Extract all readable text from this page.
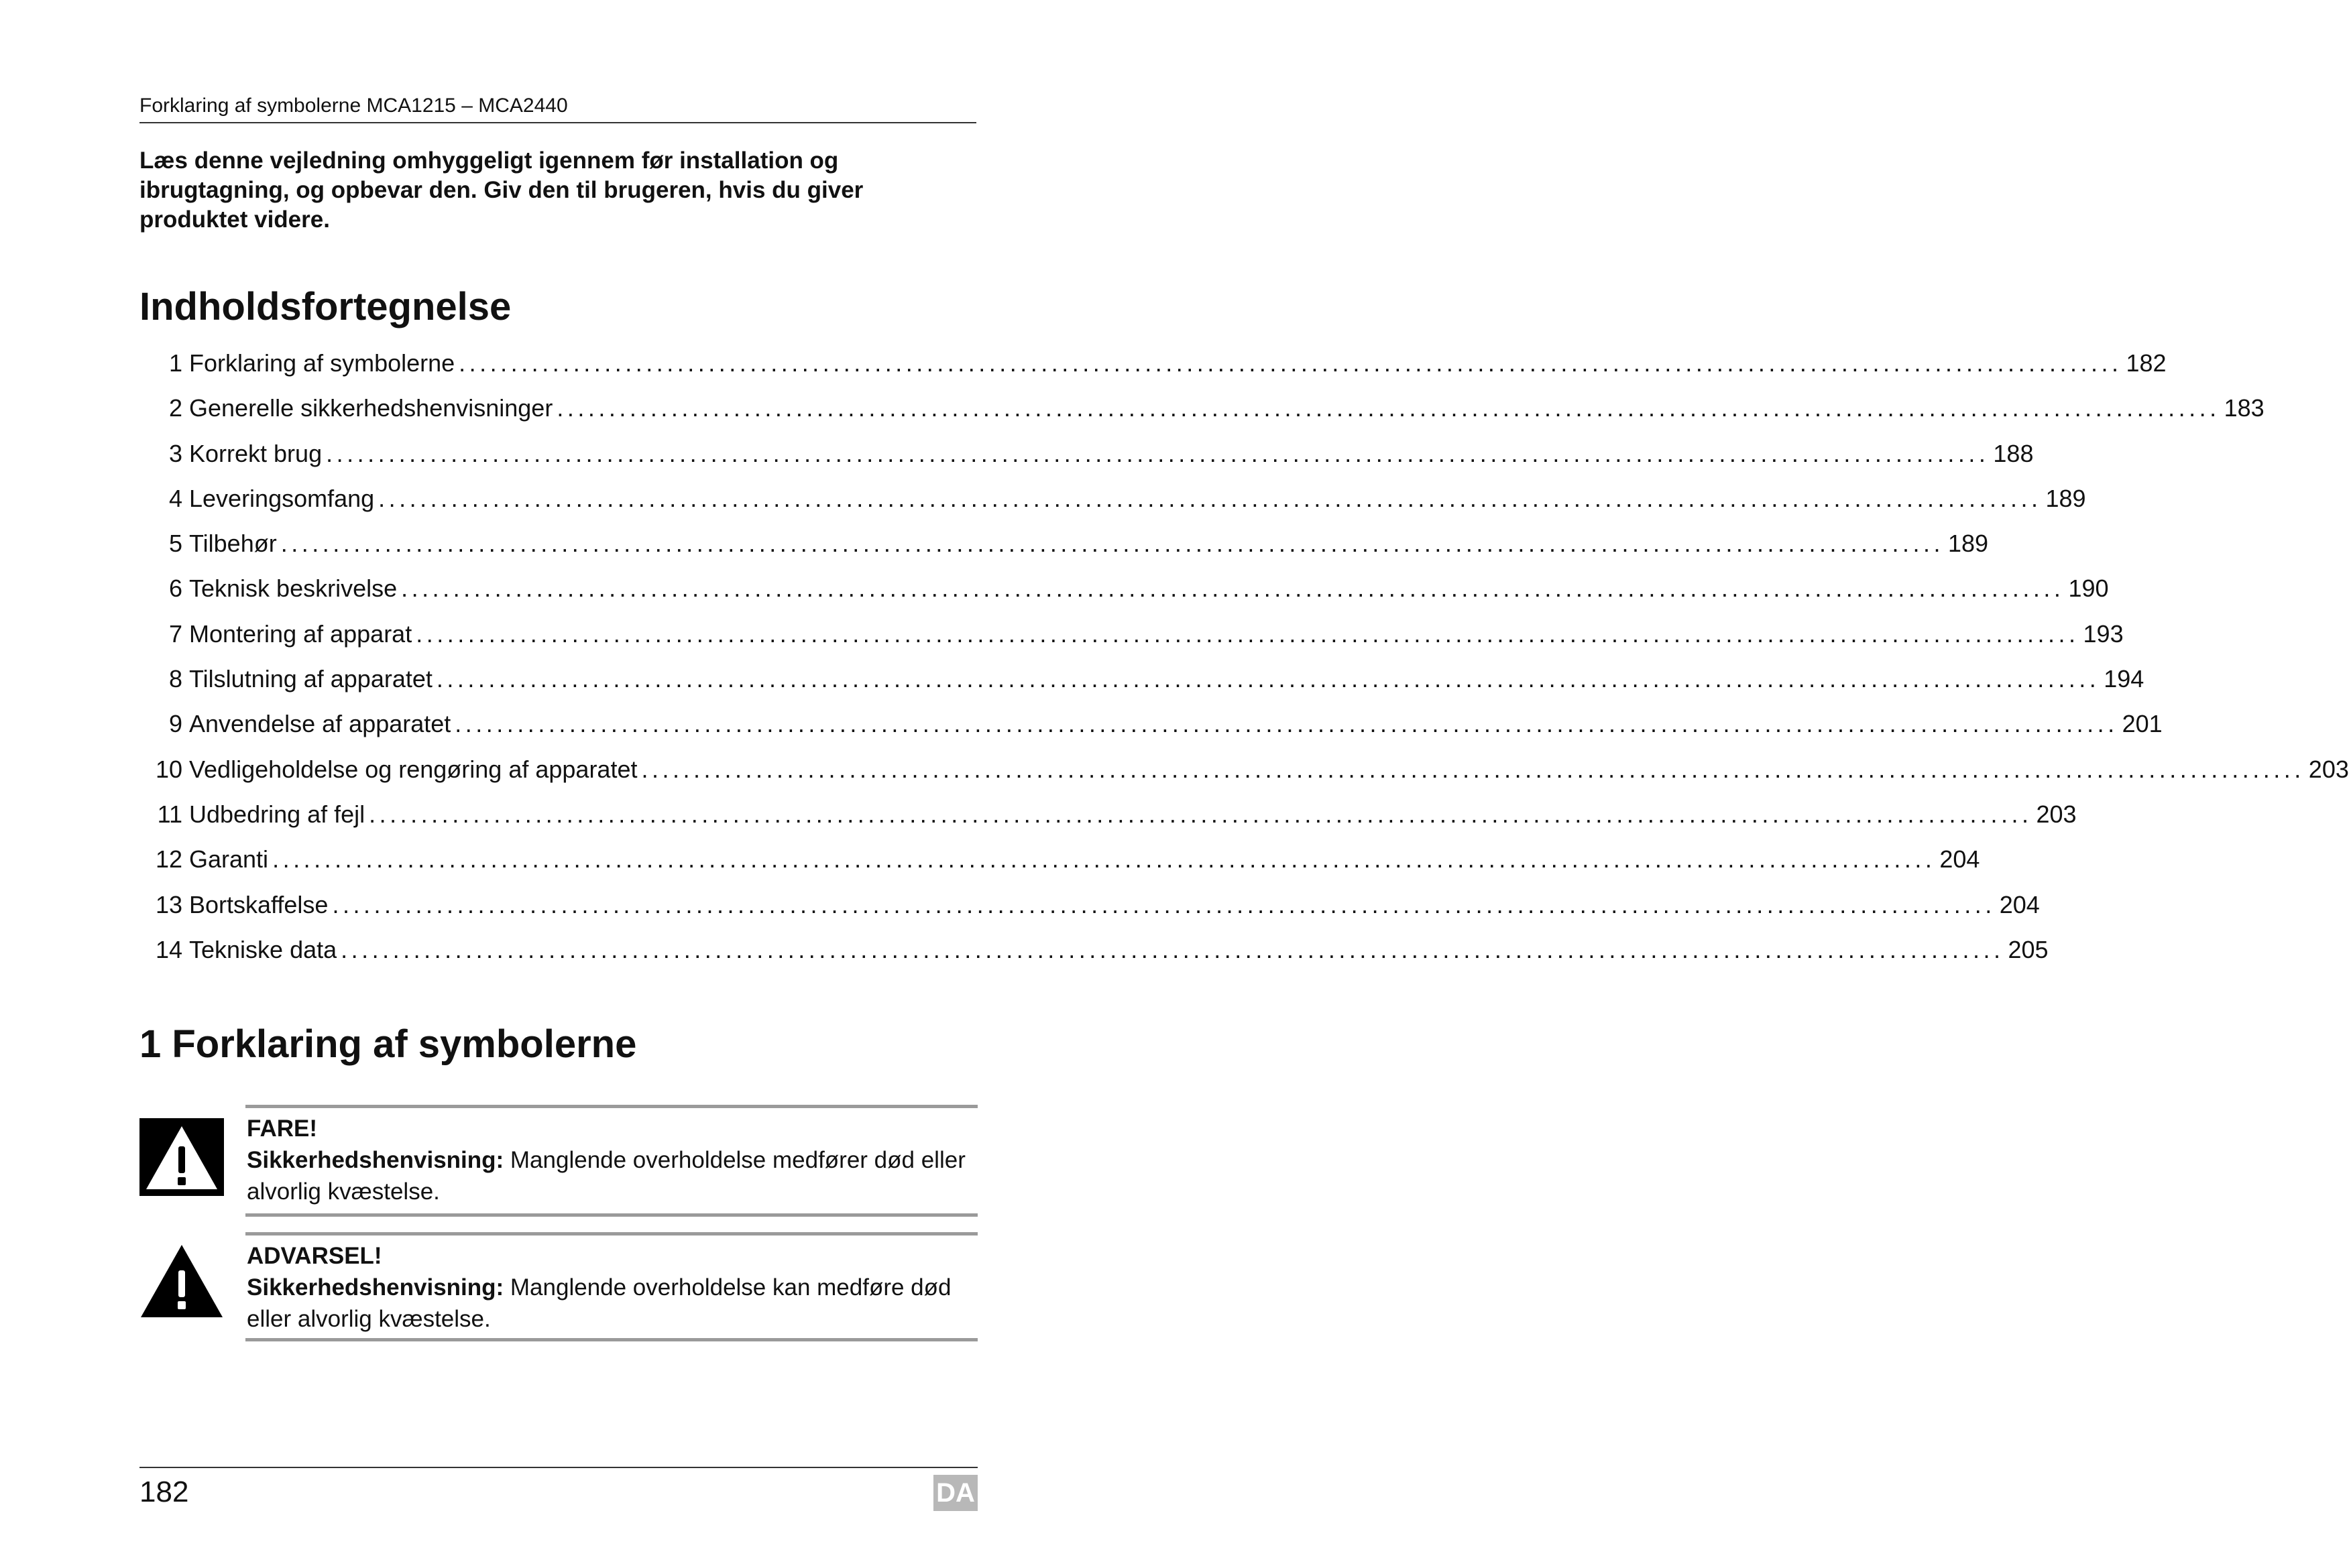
Forklaring af symbolerne MCA1215 – MCA2440
Læs denne vejledning omhyggeligt igennem før installation og ibrugtagning, og opbevar den. Giv den til brugeren, hvis du giver produktet videre.
Indholdsfortegnelse
1 Forklaring af symbolerne ................................................................................................................................................................ 182
2 Generelle sikkerhedshenvisninger ................................................................................................................................................................ 183
3 Korrekt brug ................................................................................................................................................................ 188
4 Leveringsomfang ................................................................................................................................................................ 189
5 Tilbehør ................................................................................................................................................................ 189
6 Teknisk beskrivelse ................................................................................................................................................................ 190
7 Montering af apparat ................................................................................................................................................................ 193
8 Tilslutning af apparatet ................................................................................................................................................................ 194
9 Anvendelse af apparatet ................................................................................................................................................................ 201
10 Vedligeholdelse og rengøring af apparatet ................................................................................................................................................................ 203
11 Udbedring af fejl ................................................................................................................................................................ 203
12 Garanti ................................................................................................................................................................ 204
13 Bortskaffelse ................................................................................................................................................................ 204
14 Tekniske data ................................................................................................................................................................ 205
1 Forklaring af symbolerne
FARE!
Sikkerhedshenvisning: Manglende overholdelse medfører død eller alvorlig kvæstelse.
ADVARSEL!
Sikkerhedshenvisning: Manglende overholdelse kan medføre død eller alvorlig kvæstelse.
182	DA
